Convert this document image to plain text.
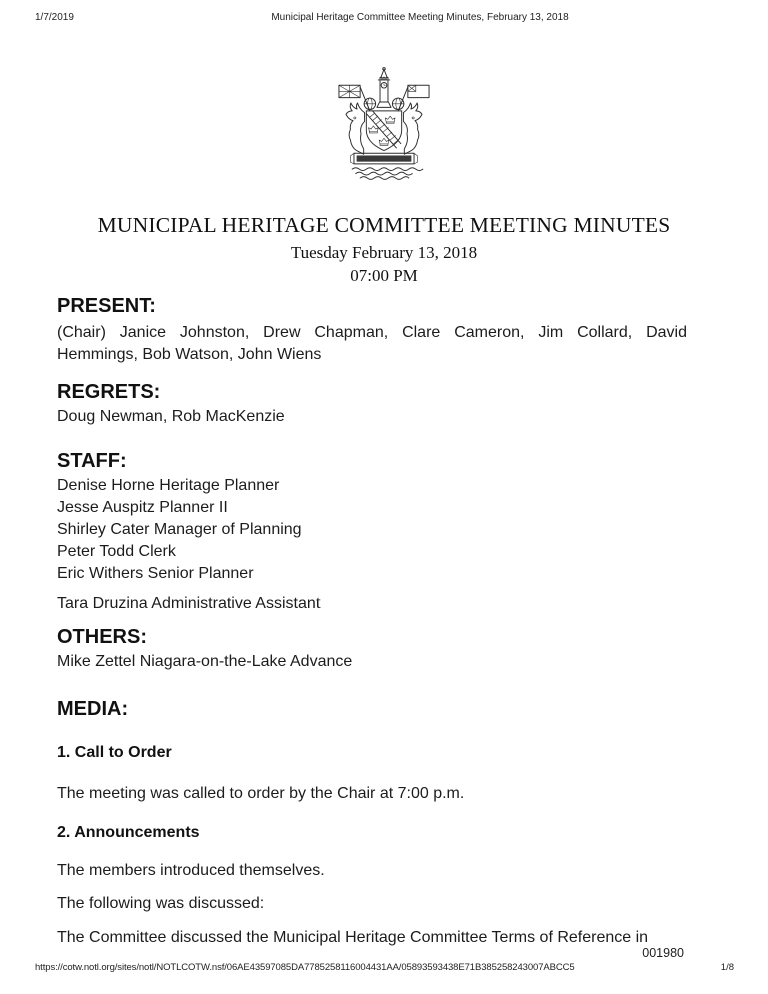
1/7/2019	Municipal Heritage Committee Meeting Minutes, February 13, 2018
MUNICIPAL HERITAGE COMMITTEE MEETING MINUTES
Tuesday February 13, 2018
07:00 PM
PRESENT:

(Chair) Janice Johnston, Drew Chapman, Clare Cameron, Jim Collard, David Hemmings, Bob Watson, John Wiens

REGRETS:

Doug Newman, Rob MacKenzie

STAFF:
Denise Horne Heritage Planner
Jesse Auspitz Planner II
Shirley Cater Manager of Planning
Peter Todd Clerk
Eric Withers Senior Planner
Tara Druzina Administrative Assistant
OTHERS:

Mike Zettel Niagara-on-the-Lake Advance

MEDIA:
1. Call to Order

The meeting was called to order by the Chair at 7:00 p.m.

2. Announcements

The members introduced themselves.

The following was discussed:

The Committee discussed the Municipal Heritage Committee Terms of Reference in

001980
https://cotw.notl.org/sites/notl/NOTLCOTW.nsf/06AE43597085DA7785258116004431AA/05893593438E71B385258243007ABCC5	1/8
